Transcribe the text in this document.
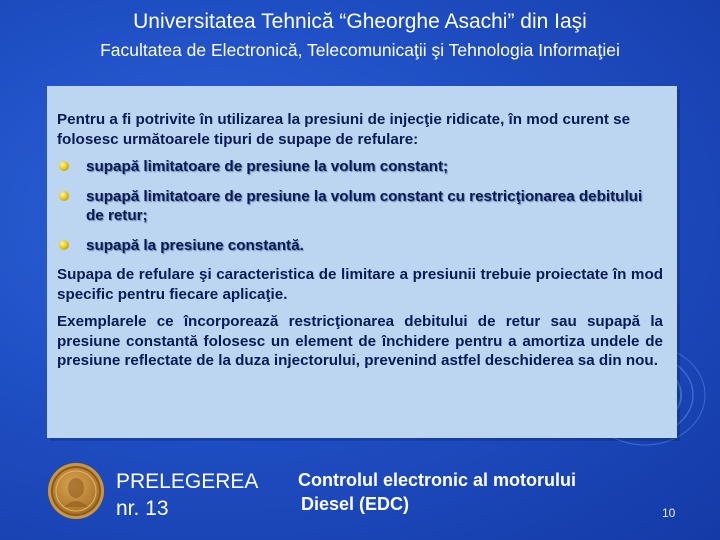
Universitatea Tehnică “Gheorghe Asachi” din Iaşi
Facultatea de Electronică, Telecomunicaţii şi Tehnologia Informaţiei

Pentru a fi potrivite în utilizarea la presiuni de injecţie ridicate, în mod curent se folosesc următoarele tipuri de supape de refulare:

supapă limitatoare de presiune la volum constant;
supapă limitatoare de presiune la volum constant cu restricţionarea debitului de retur;
supapă la presiune constantă.

Supapa de refulare şi caracteristica de limitare a presiunii trebuie proiectate în mod specific pentru fiecare aplicaţie.

Exemplarele ce încorporează restricţionarea debitului de retur sau supapă la presiune constantă folosesc un element de închidere pentru a amortiza undele de presiune reflectate de la duza injectorului, prevenind astfel deschiderea sa din nou.

PRELEGEREA
nr. 13
Controlul electronic al motorului
Diesel (EDC)	10
